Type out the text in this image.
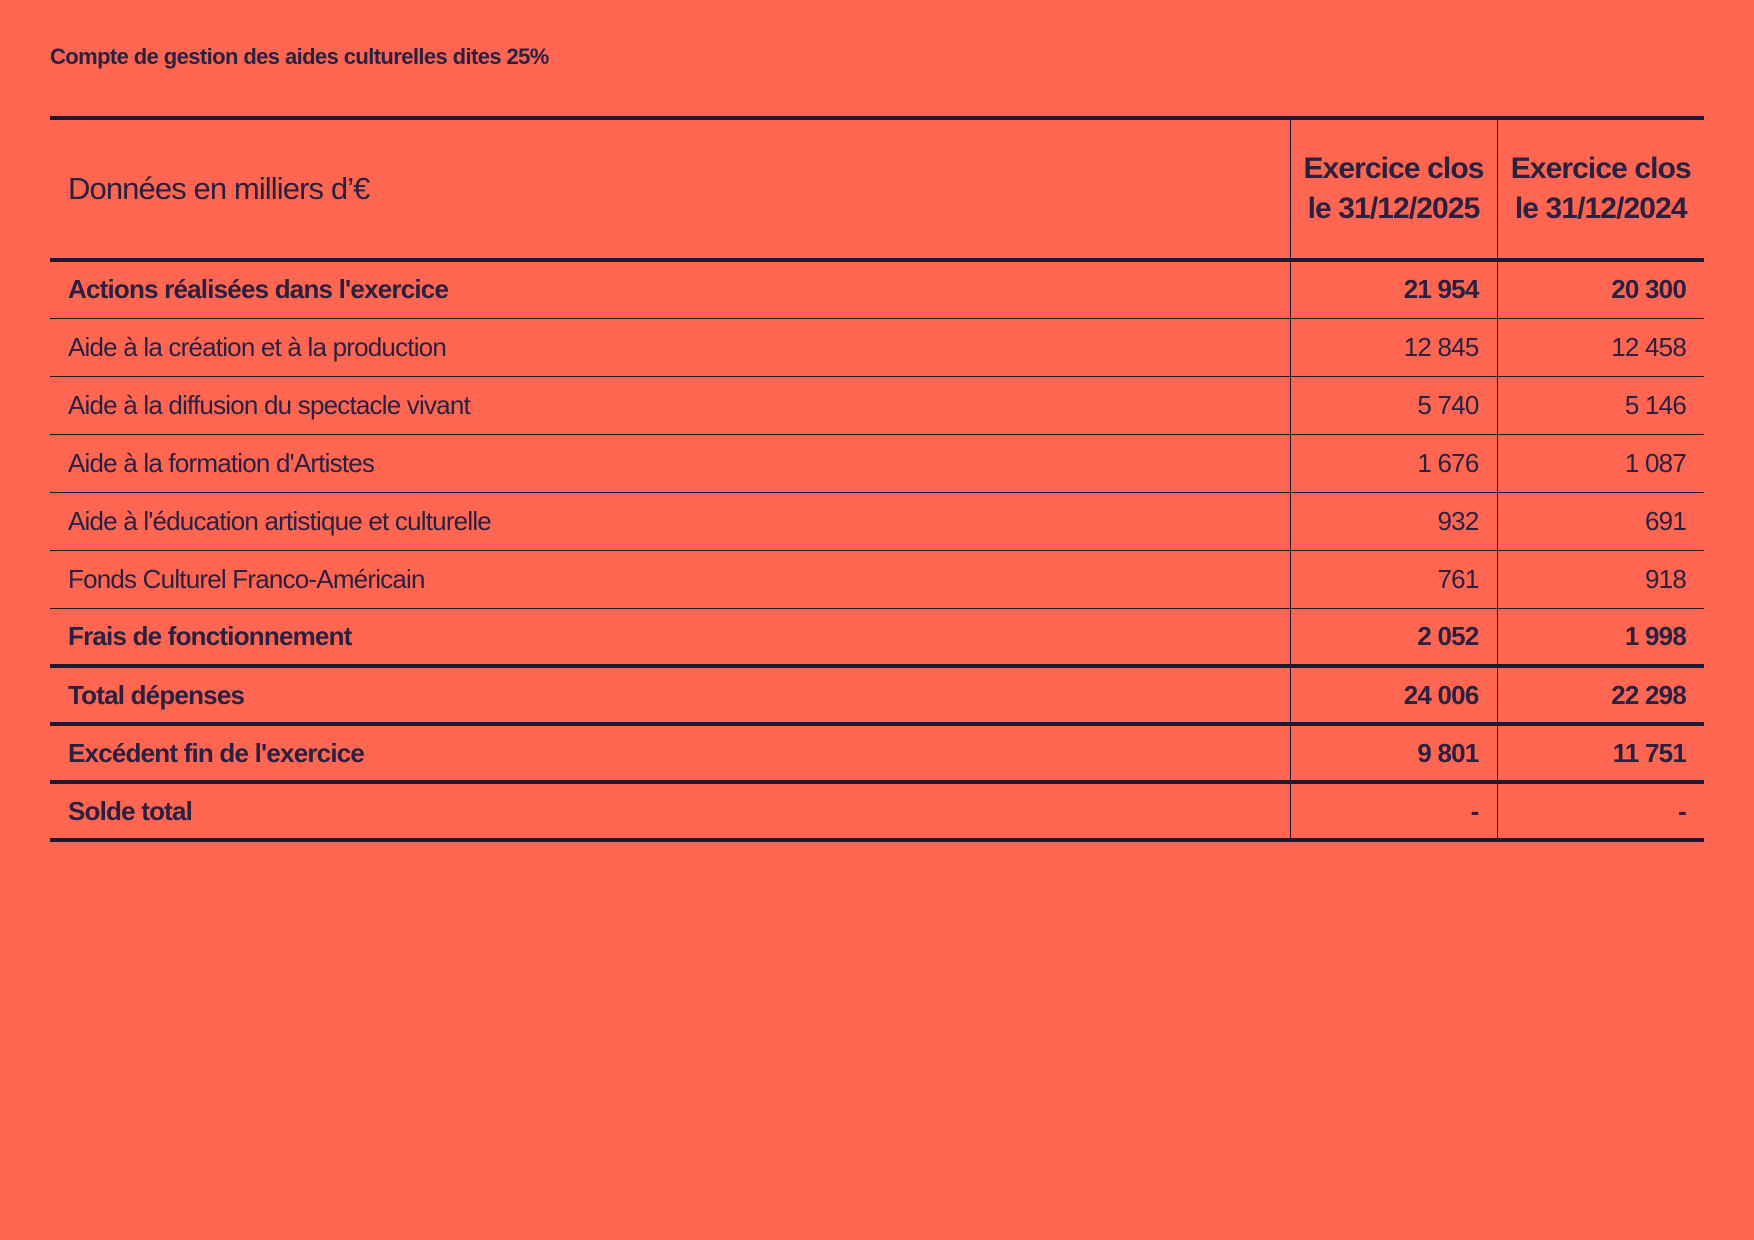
Compte de gestion des aides culturelles dites 25%
Données en milliers d’€	Exercice clos le 31/12/2025	Exercice clos le 31/12/2024
Actions réalisées dans l'exercice	21 954	20 300
Aide à la création et à la production	12 845	12 458
Aide à la diffusion du spectacle vivant	5 740	5 146
Aide à la formation d'Artistes	1 676	1 087
Aide à l'éducation artistique et culturelle	932	691
Fonds Culturel Franco-Américain	761	918
Frais de fonctionnement	2 052	1 998
Total dépenses	24 006	22 298
Excédent fin de l'exercice	9 801	11 751
Solde total	-	-
